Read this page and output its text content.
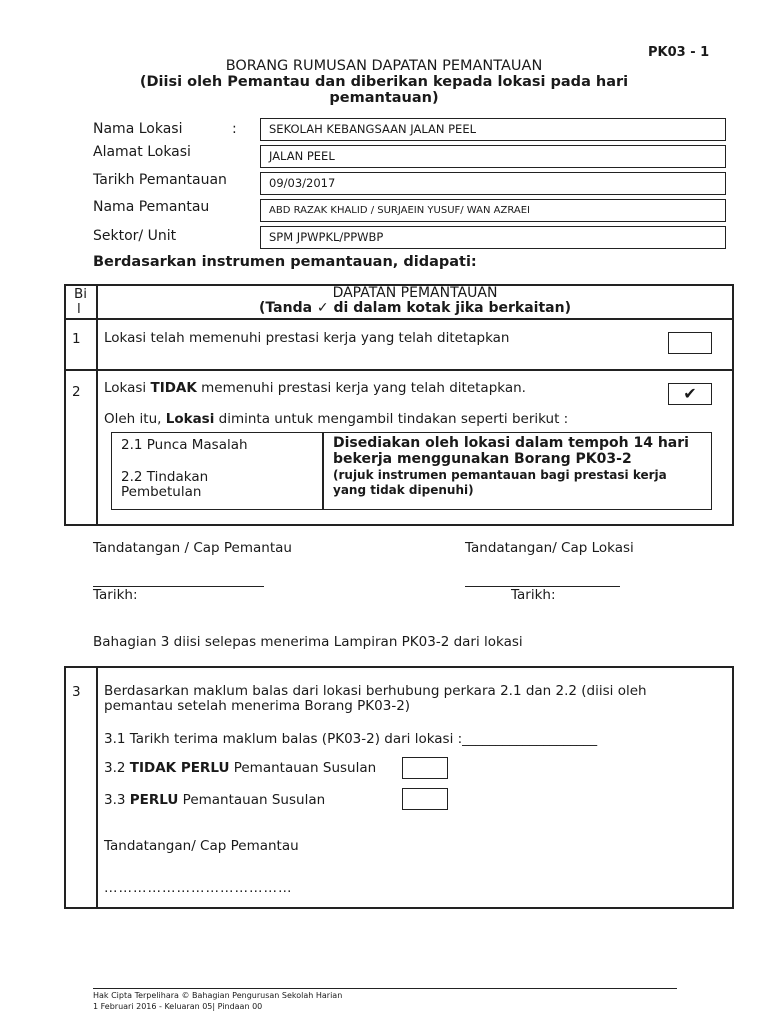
PK03 - 1
BORANG RUMUSAN DAPATAN PEMANTAUAN
(Diisi oleh Pemantau dan diberikan kepada lokasi pada hari
pemantauan)
Nama Lokasi	:	SEKOLAH KEBANGSAAN JALAN PEEL
Alamat Lokasi	JALAN PEEL
Tarikh Pemantauan	09/03/2017
Nama Pemantau	ABD RAZAK KHALID / SURJAEIN YUSUF/ WAN AZRAEI
Sektor/ Unit	SPM JPWPKL/PPWBP
Berdasarkan instrumen pemantauan, didapati:
Bi
l
DAPATAN PEMANTAUAN
(Tanda ✓ di dalam kotak jika berkaitan)
1 Lokasi telah memenuhi prestasi kerja yang telah ditetapkan
2 Lokasi TIDAK memenuhi prestasi kerja yang telah ditetapkan.	✔
Oleh itu, Lokasi diminta untuk mengambil tindakan seperti berikut :
2.1 Punca Masalah
2.2 Tindakan
Pembetulan
Disediakan oleh lokasi dalam tempoh 14 hari
bekerja menggunakan Borang PK03-2
(rujuk instrumen pemantauan bagi prestasi kerja
yang tidak dipenuhi)
Tandatangan / Cap Pemantau	Tandatangan/ Cap Lokasi
Tarikh:	Tarikh:
Bahagian 3 diisi selepas menerima Lampiran PK03-2 dari lokasi
3 Berdasarkan maklum balas dari lokasi berhubung perkara 2.1 dan 2.2 (diisi oleh
pemantau setelah menerima Borang PK03-2)
3.1 Tarikh terima maklum balas (PK03-2) dari lokasi :____________________
3.2 TIDAK PERLU Pemantauan Susulan
3.3 PERLU Pemantauan Susulan
Tandatangan/ Cap Pemantau
…………………………………
Hak Cipta Terpelihara © Bahagian Pengurusan Sekolah Harian
1 Februari 2016 - Keluaran 05| Pindaan 00
